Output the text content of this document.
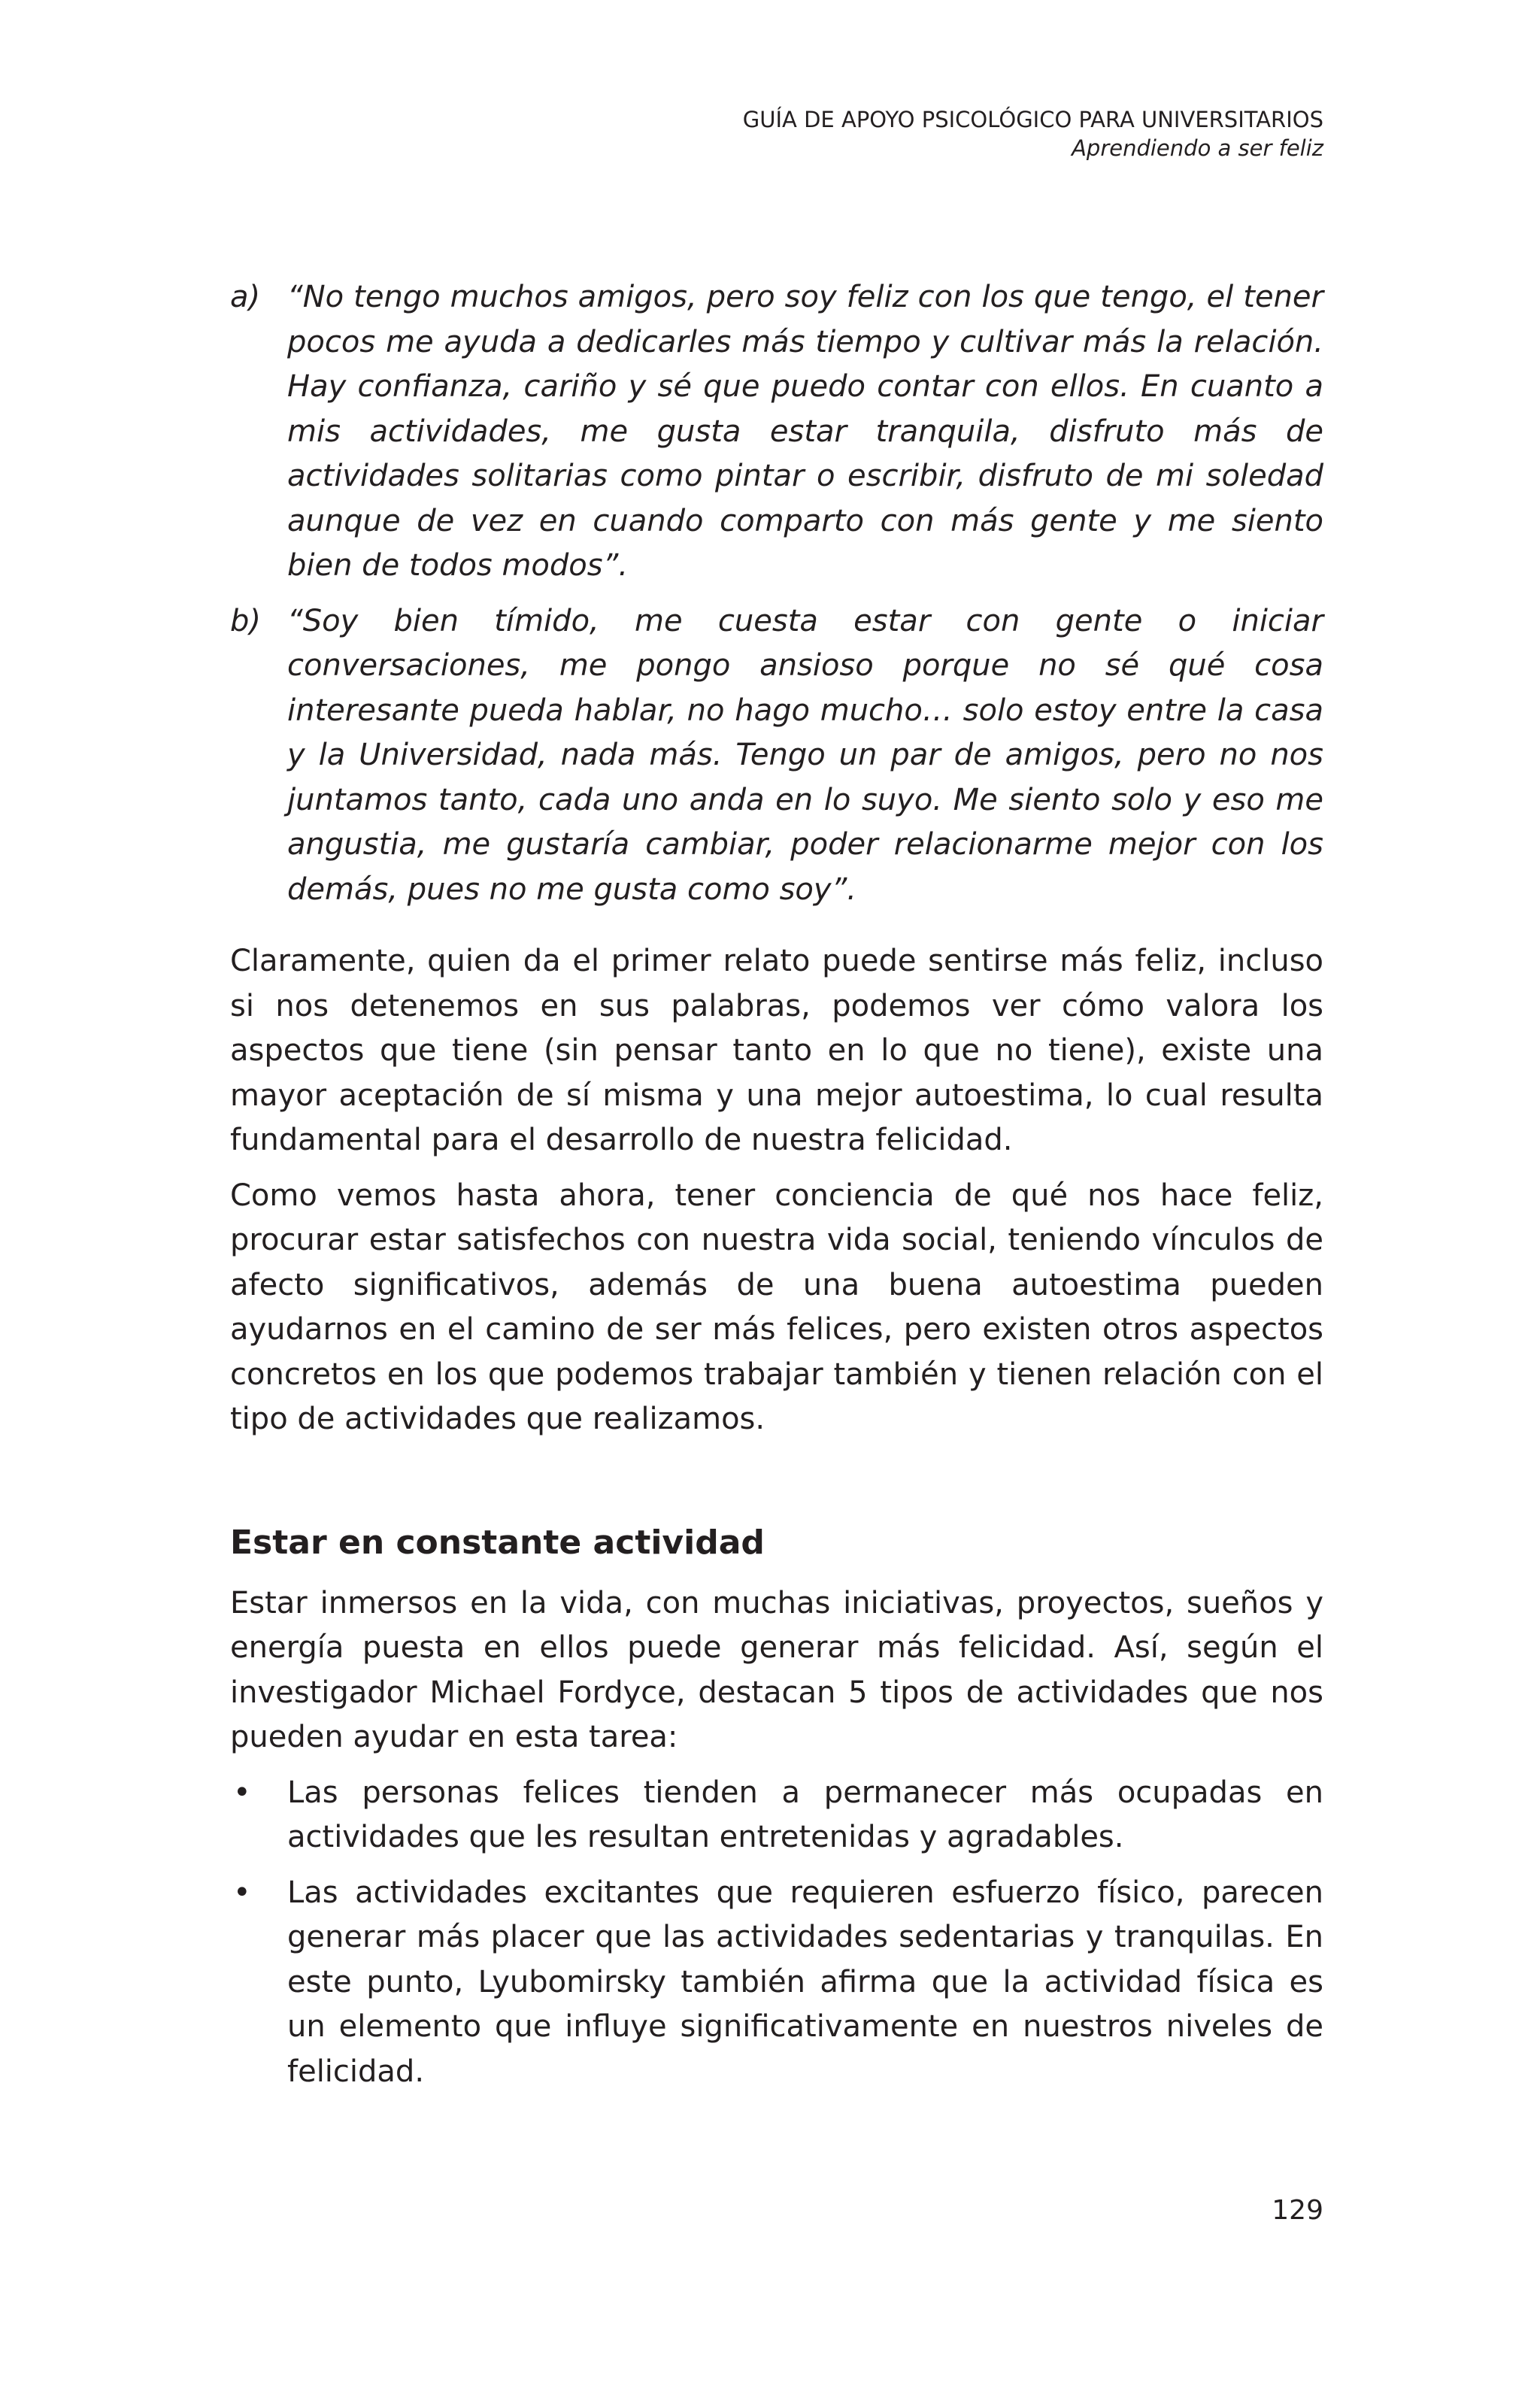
GUÍA DE APOYO PSICOLÓGICO PARA UNIVERSITARIOS
Aprendiendo a ser feliz
a) “No tengo muchos amigos, pero soy feliz con los que tengo, el tener pocos me ayuda a dedicarles más tiempo y cultivar más la relación. Hay confianza, cariño y sé que puedo contar con ellos. En cuanto a mis actividades, me gusta estar tranquila, disfruto más de actividades solitarias como pintar o escribir, disfruto de mi soledad aunque de vez en cuando comparto con más gente y me siento bien de todos modos”.
b) “Soy bien tímido, me cuesta estar con gente o iniciar conversaciones, me pongo ansioso porque no sé qué cosa interesante pueda hablar, no hago mucho… solo estoy entre la casa y la Universidad, nada más. Tengo un par de amigos, pero no nos juntamos tanto, cada uno anda en lo suyo. Me siento solo y eso me angustia, me gustaría cambiar, poder relacionarme mejor con los demás, pues no me gusta como soy”.

Claramente, quien da el primer relato puede sentirse más feliz, incluso si nos detenemos en sus palabras, podemos ver cómo valora los aspectos que tiene (sin pensar tanto en lo que no tiene), existe una mayor aceptación de sí misma y una mejor autoestima, lo cual resulta fundamental para el desarrollo de nuestra felicidad.

Como vemos hasta ahora, tener conciencia de qué nos hace feliz, procurar estar satisfechos con nuestra vida social, teniendo vínculos de afecto significativos, además de una buena autoestima pueden ayudarnos en el camino de ser más felices, pero existen otros aspectos concretos en los que podemos trabajar también y tienen relación con el tipo de actividades que realizamos.

Estar en constante actividad

Estar inmersos en la vida, con muchas iniciativas, proyectos, sueños y energía puesta en ellos puede generar más felicidad. Así, según el investigador Michael Fordyce, destacan 5 tipos de actividades que nos pueden ayudar en esta tarea:

• Las personas felices tienden a permanecer más ocupadas en actividades que les resultan entretenidas y agradables.
• Las actividades excitantes que requieren esfuerzo físico, parecen generar más placer que las actividades sedentarias y tranquilas. En este punto, Lyubomirsky también afirma que la actividad física es un elemento que influye significativamente en nuestros niveles de felicidad.
129
